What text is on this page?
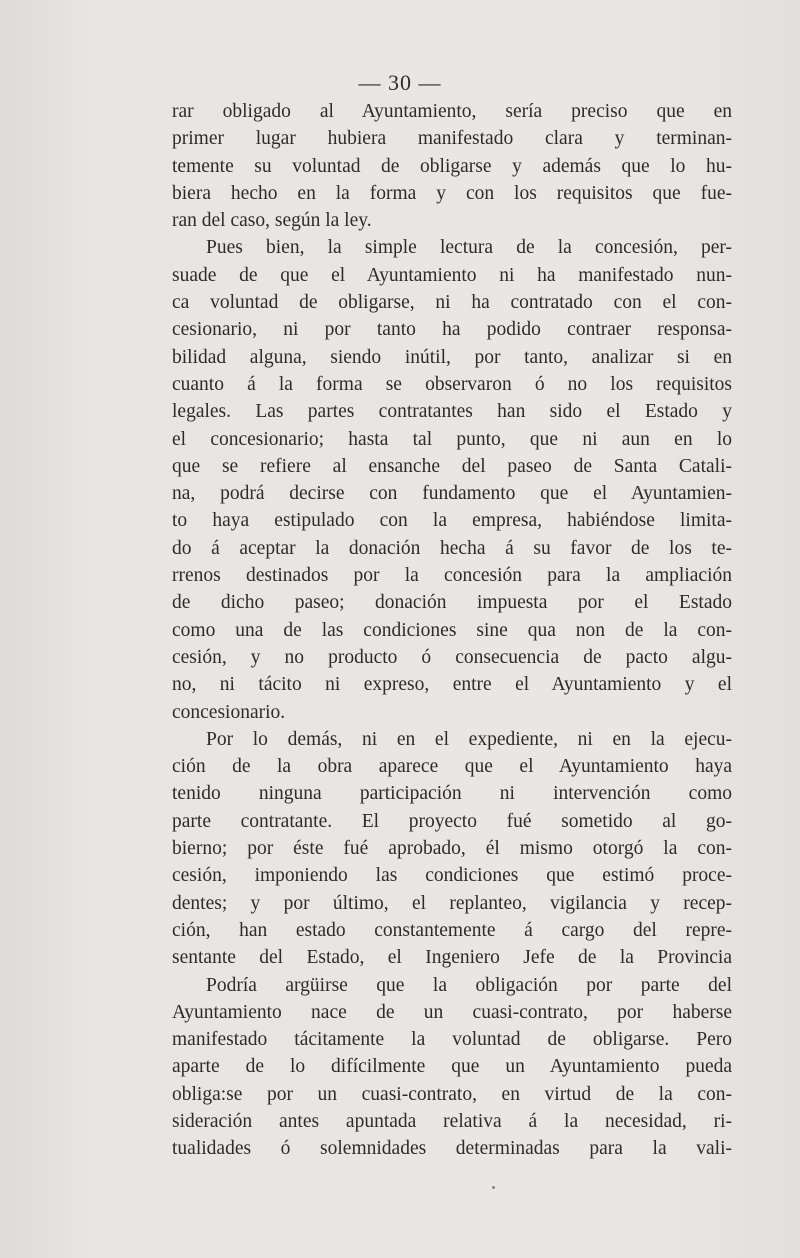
— 30 —
rar obligado al Ayuntamiento, sería preciso que en
primer lugar hubiera manifestado clara y terminan-
temente su voluntad de obligarse y además que lo hu-
biera hecho en la forma y con los requisitos que fue-
ran del caso, según la ley.
Pues bien, la simple lectura de la concesión, per-
suade de que el Ayuntamiento ni ha manifestado nun-
ca voluntad de obligarse, ni ha contratado con el con-
cesionario, ni por tanto ha podido contraer responsa-
bilidad alguna, siendo inútil, por tanto, analizar si en
cuanto á la forma se observaron ó no los requisitos
legales. Las partes contratantes han sido el Estado y
el concesionario; hasta tal punto, que ni aun en lo
que se refiere al ensanche del paseo de Santa Catali-
na, podrá decirse con fundamento que el Ayuntamien-
to haya estipulado con la empresa, habiéndose limita-
do á aceptar la donación hecha á su favor de los te-
rrenos destinados por la concesión para la ampliación
de dicho paseo; donación impuesta por el Estado
como una de las condiciones sine qua non de la con-
cesión, y no producto ó consecuencia de pacto algu-
no, ni tácito ni expreso, entre el Ayuntamiento y el
concesionario.
Por lo demás, ni en el expediente, ni en la ejecu-
ción de la obra aparece que el Ayuntamiento haya
tenido ninguna participación ni intervención como
parte contratante. El proyecto fué sometido al go-
bierno; por éste fué aprobado, él mismo otorgó la con-
cesión, imponiendo las condiciones que estimó proce-
dentes; y por último, el replanteo, vigilancia y recep-
ción, han estado constantemente á cargo del repre-
sentante del Estado, el Ingeniero Jefe de la Provincia
Podría argüirse que la obligación por parte del
Ayuntamiento nace de un cuasi-contrato, por haberse
manifestado tácitamente la voluntad de obligarse. Pero
aparte de lo difícilmente que un Ayuntamiento pueda
obliga:se por un cuasi-contrato, en virtud de la con-
sideración antes apuntada relativa á la necesidad, ri-
tualidades ó solemnidades determinadas para la vali-
